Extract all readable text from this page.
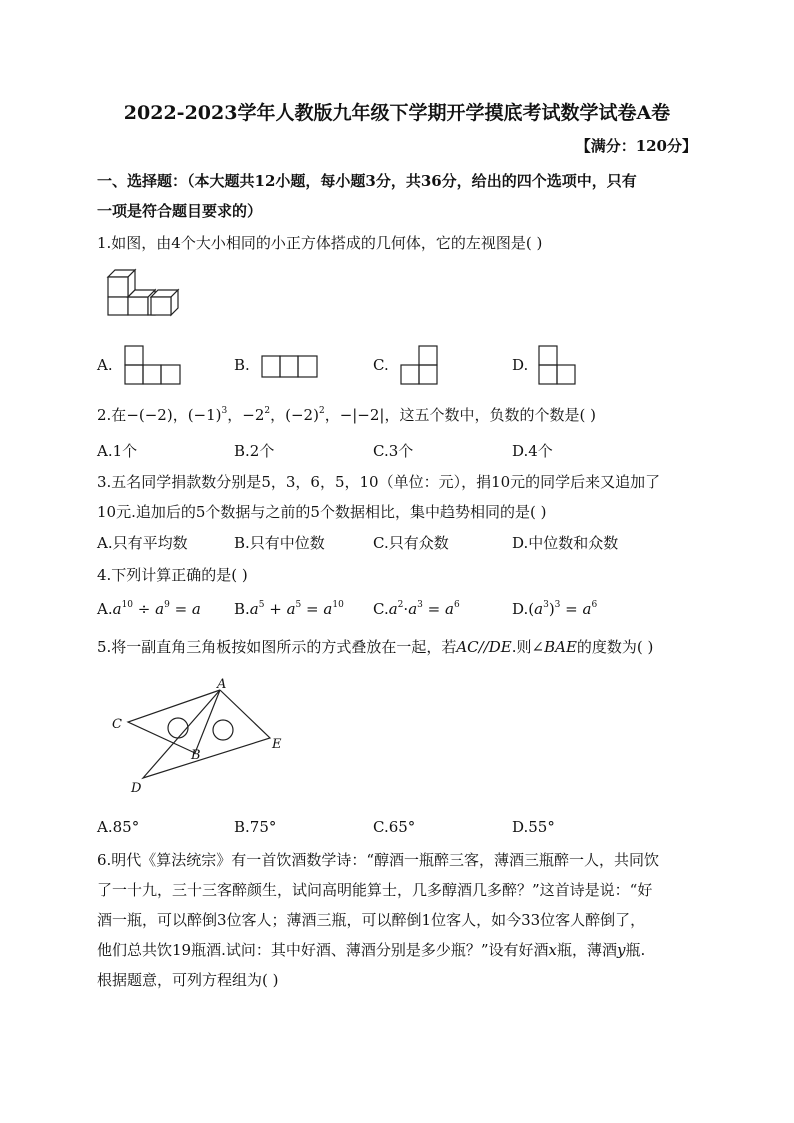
2022-2023学年人教版九年级下学期开学摸底考试数学试卷A卷
【满分：120分】
一、选择题：（本大题共12小题，每小题3分，共36分，给出的四个选项中，只有
一项是符合题目要求的）
1.如图，由4个大小相同的小正方体搭成的几何体，它的左视图是( )
A.	B.	C.	D.
2.在−(−2)，$(-1)^3$，$-2^2$，$(-2)^2$，−|−2|，这五个数中，负数的个数是( )
A.1个	B.2个	C.3个	D.4个
3.五名同学捐款数分别是5，3，6，5，10（单位：元），捐10元的同学后来又追加了
10元.追加后的5个数据与之前的5个数据相比，集中趋势相同的是( )
A.只有平均数	B.只有中位数	C.只有众数	D.中位数和众数
4.下列计算正确的是( )
$A.a^{10} \div a^9 = a$ $B.a^5 + a^5 = a^{10}$ $C.a^2\cdot a^3 = a^6$	$D.(a^3)^3 = a^6$
5.将一副直角三角板按如图所示的方式叠放在一起，若AC//DE.则∠BAE的度数为( )
A
C
B
D
E
A.85°	B.75°	C.65°	D.55°
6.明代《算法统宗》有一首饮酒数学诗：“醇酒一瓶醉三客，薄酒三瓶醉一人，共同饮
了一十九，三十三客醉颜生，试问高明能算士，几多醇酒几多醉？”这首诗是说：“好
酒一瓶，可以醉倒3位客人；薄酒三瓶，可以醉倒1位客人，如今33位客人醉倒了，
他们总共饮19瓶酒.试问：其中好酒、薄酒分别是多少瓶？”设有好酒x瓶，薄酒y瓶.
根据题意，可列方程组为( )
